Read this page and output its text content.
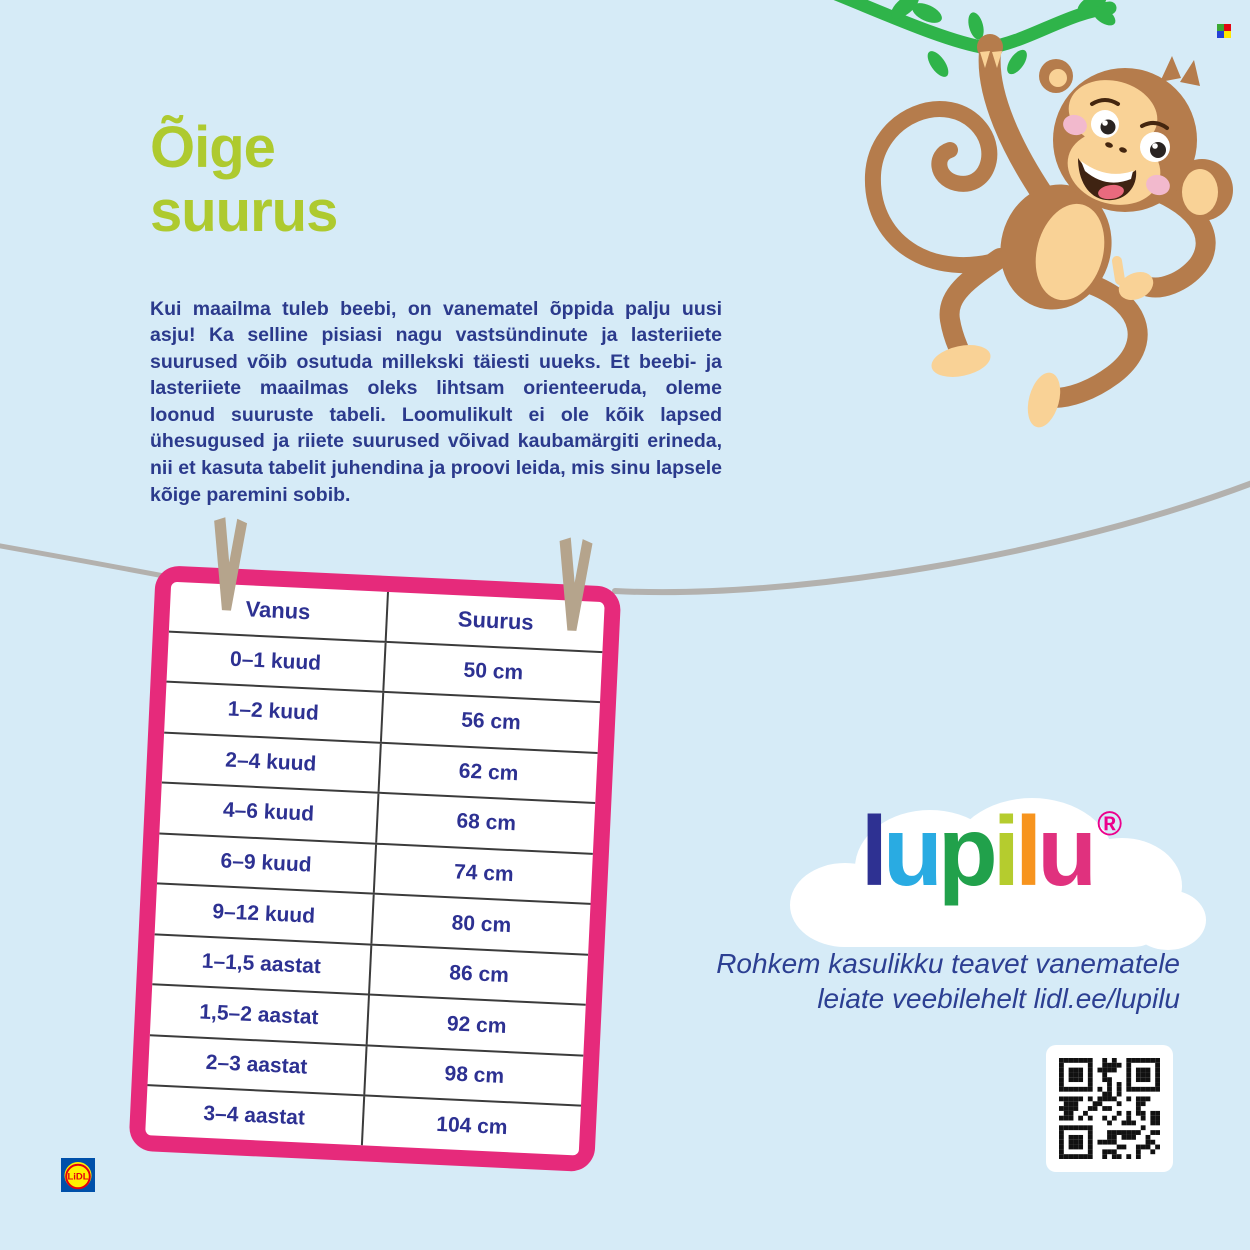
Õige
suurus

Kui maailma tuleb beebi, on vanematel õppida palju uusi asju! Ka selline pisiasi nagu vastsündinute ja lasteriiete suurused võib osutuda millekski täiesti uueks. Et beebi- ja lasteriiete maailmas oleks lihtsam orienteeruda, oleme loonud suuruste tabeli. Loomulikult ei ole kõik lapsed ühesugused ja riiete suurused võivad kaubamärgiti erineda, nii et kasuta tabelit juhendina ja proovi leida, mis sinu lapsele kõige paremini sobib.

Vanus	Suurus
0–1 kuud	50 cm
1–2 kuud	56 cm
2–4 kuud	62 cm
4–6 kuud	68 cm
6–9 kuud	74 cm
9–12 kuud	80 cm
1–1,5 aastat	86 cm
1,5–2 aastat	92 cm
2–3 aastat	98 cm
3–4 aastat	104 cm
lupilu ®
Rohkem kasulikku teavet vanematele
leiate veebilehelt lidl.ee/lupilu
LiDL
